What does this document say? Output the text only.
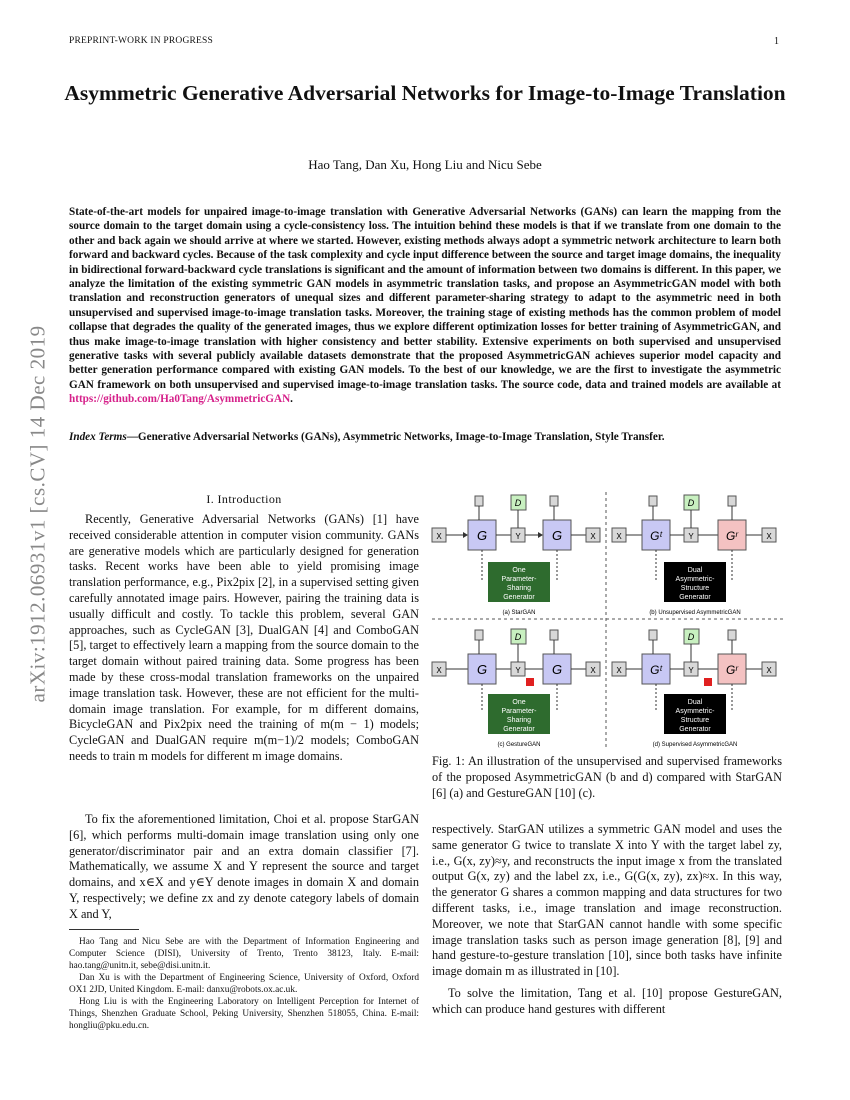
PREPRINT-WORK IN PROGRESS	1
arXiv:1912.06931v1 [cs.CV] 14 Dec 2019
Asymmetric Generative Adversarial Networks for Image-to-Image Translation
Hao Tang, Dan Xu, Hong Liu and Nicu Sebe
State-of-the-art models for unpaired image-to-image translation with Generative Adversarial Networks (GANs) can learn the mapping from the source domain to the target domain using a cycle-consistency loss. The intuition behind these models is that if we translate from one domain to the other and back again we should arrive at where we started. However, existing methods always adopt a symmetric network architecture to learn both forward and backward cycles. Because of the task complexity and cycle input difference between the source and target image domains, the inequality in bidirectional forward-backward cycle translations is significant and the amount of information between two domains is different. In this paper, we analyze the limitation of the existing symmetric GAN models in asymmetric translation tasks, and propose an AsymmetricGAN model with both translation and reconstruction generators of unequal sizes and different parameter-sharing strategy to adapt to the asymmetric need in both unsupervised and supervised image-to-image translation tasks. Moreover, the training stage of existing methods has the common problem of model collapse that degrades the quality of the generated images, thus we explore different optimization losses for better training of AsymmetricGAN, and thus make image-to-image translation with higher consistency and better stability. Extensive experiments on both supervised and unsupervised generative tasks with several publicly available datasets demonstrate that the proposed AsymmetricGAN achieves superior model capacity and better generation performance compared with existing GAN models. To the best of our knowledge, we are the first to investigate the asymmetric GAN framework on both unsupervised and supervised image-to-image translation tasks. The source code, data and trained models are available at https://github.com/Ha0Tang/AsymmetricGAN.
Index Terms—Generative Adversarial Networks (GANs), Asymmetric Networks, Image-to-Image Translation, Style Transfer.
I. Introduction

Recently, Generative Adversarial Networks (GANs) [1] have received considerable attention in computer vision community. GANs are generative models which are particularly designed for generation tasks. Recent works have been able to yield promising image translation performance, e.g., Pix2pix [2], in a supervised setting given carefully annotated image pairs. However, pairing the training data is usually difficult and costly. To tackle this problem, several GAN approaches, such as CycleGAN [3], DualGAN [4] and ComboGAN [5], target to effectively learn a mapping from the source domain to the target domain without paired training data. Some progress has been made by these cross-modal translation frameworks on the unpaired image translation task. However, these are not efficient for the multi-domain image translation. For example, for m different domains, BicycleGAN and Pix2pix need the training of m(m − 1) models; CycleGAN and DualGAN require m(m−1)/2 models; ComboGAN needs to train m models for different m image domains.

To fix the aforementioned limitation, Choi et al. propose StarGAN [6], which performs multi-domain image translation using only one generator/discriminator pair and an extra domain classifier [7]. Mathematically, we assume X and Y represent the source and target domains, and x∈X and y∈Y denote images in domain X and domain Y, respectively; we define zx and zy denote category labels of domain X and Y,

Hao Tang and Nicu Sebe are with the Department of Information Engineering and Computer Science (DISI), University of Trento, Trento 38123, Italy. E-mail: hao.tang@unitn.it, sebe@disi.unitn.it.

Dan Xu is with the Department of Engineering Science, University of Oxford, Oxford OX1 2JD, United Kingdom. E-mail: danxu@robots.ox.ac.uk.

Hong Liu is with the Engineering Laboratory on Intelligent Perception for Internet of Things, Shenzhen Graduate School, Peking University, Shenzhen 518055, China. E-mail: hongliu@pku.edu.cn.

X	G	Y
D
G	X
One
Parameter-
Sharing
Generator
(a) StarGAN
X Gᵗ	Y
D
Gʳ	X
Dual
Asymmetric-
Structure
Generator
(b) Unsupervised AsymmetricGAN
X	G	Y
D
G	X
One
Parameter-
Sharing
Generator
(c) GestureGAN
X Gᵗ	Y
D
Gʳ	X
Dual
Asymmetric-
Structure
Generator
(d) Supervised AsymmetricGAN
Fig. 1: An illustration of the unsupervised and supervised frameworks of the proposed AsymmetricGAN (b and d) compared with StarGAN [6] (a) and GestureGAN [10] (c).

respectively. StarGAN utilizes a symmetric GAN model and uses the same generator G twice to translate X into Y with the target label zy, i.e., G(x, zy)≈y, and reconstructs the input image x from the translated output G(x, zy) and the label zx, i.e., G(G(x, zy), zx)≈x. In this way, the generator G shares a common mapping and data structures for two different tasks, i.e., image translation and image reconstruction. Moreover, we note that StarGAN cannot handle with some specific image translation tasks such as person image generation [8], [9] and hand gesture-to-gesture translation [10], since both tasks have infinite image domain m as illustrated in [10].

To solve the limitation, Tang et al. [10] propose GestureGAN, which can produce hand gestures with different
